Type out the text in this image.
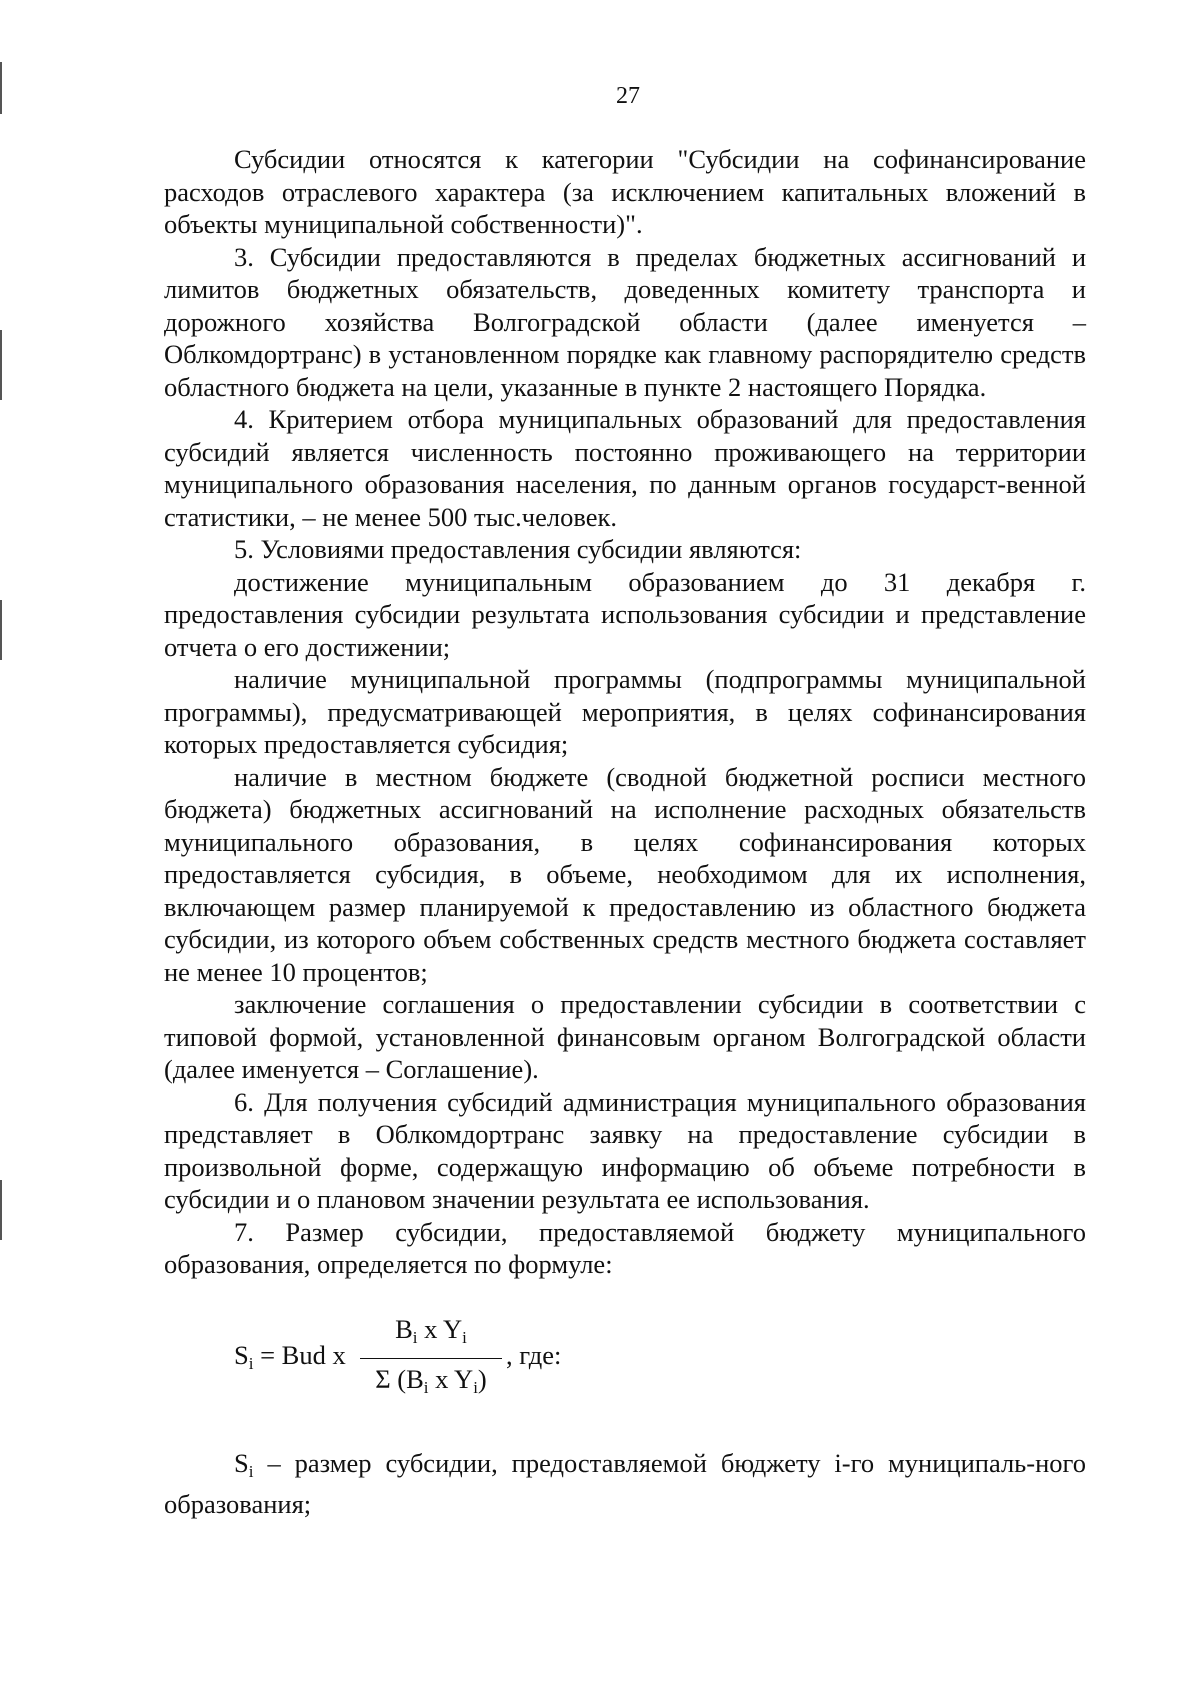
27

Субсидии относятся к категории "Субсидии на софинансирование расходов отраслевого характера (за исключением капитальных вложений в объекты муниципальной собственности)".

3. Субсидии предоставляются в пределах бюджетных ассигнований и лимитов бюджетных обязательств, доведенных комитету транспорта и дорожного хозяйства Волгоградской области (далее именуется – Облкомдортранс) в установленном порядке как главному распорядителю средств областного бюджета на цели, указанные в пункте 2 настоящего Порядка.

4. Критерием отбора муниципальных образований для предоставления субсидий является численность постоянно проживающего на территории муниципального образования населения, по данным органов государст-венной статистики, – не менее 500 тыс.человек.

5. Условиями предоставления субсидии являются:

достижение муниципальным образованием до 31 декабря г. предоставления субсидии результата использования субсидии и представление отчета о его достижении;

наличие муниципальной программы (подпрограммы муниципальной программы), предусматривающей мероприятия, в целях софинансирования которых предоставляется субсидия;

наличие в местном бюджете (сводной бюджетной росписи местного бюджета) бюджетных ассигнований на исполнение расходных обязательств муниципального образования, в целях софинансирования которых предоставляется субсидия, в объеме, необходимом для их исполнения, включающем размер планируемой к предоставлению из областного бюджета субсидии, из которого объем собственных средств местного бюджета составляет не менее 10 процентов;

заключение соглашения о предоставлении субсидии в соответствии с типовой формой, установленной финансовым органом Волгоградской области (далее именуется – Соглашение).

6. Для получения субсидий администрация муниципального образования представляет в Облкомдортранс заявку на предоставление субсидии в произвольной форме, содержащую информацию об объеме потребности в субсидии и о плановом значении результата ее использования.

7. Размер субсидии, предоставляемой бюджету муниципального образования, определяется по формуле:

$S_i$ = Bud x $\frac{B_i x Y_i}{\Sigma (B_i x Y_i)}$ , где:

$S_i$ – размер субсидии, предоставляемой бюджету i-го муниципаль-ного образования;
